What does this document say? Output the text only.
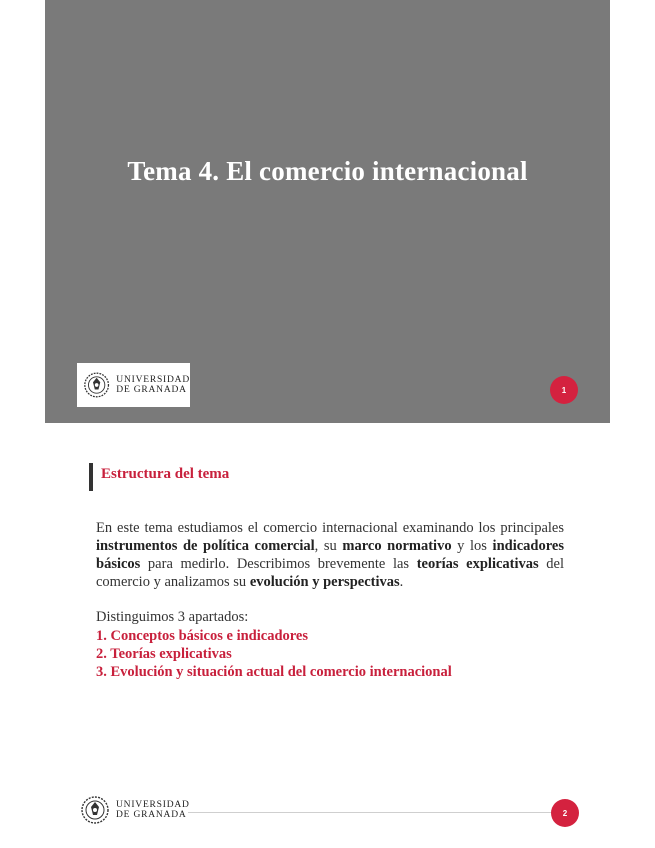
Tema 4. El comercio internacional
UNIVERSIDAD
DE GRANADA	1
Estructura del tema
En este tema estudiamos el comercio internacional examinando los principales instrumentos de política comercial, su marco normativo y los indicadores básicos para medirlo. Describimos brevemente las teorías explicativas del comercio y analizamos su evolución y perspectivas.
Distinguimos 3 apartados:
1. Conceptos básicos e indicadores
2. Teorías explicativas
3. Evolución y situación actual del comercio internacional
UNIVERSIDAD
DE GRANADA	2
